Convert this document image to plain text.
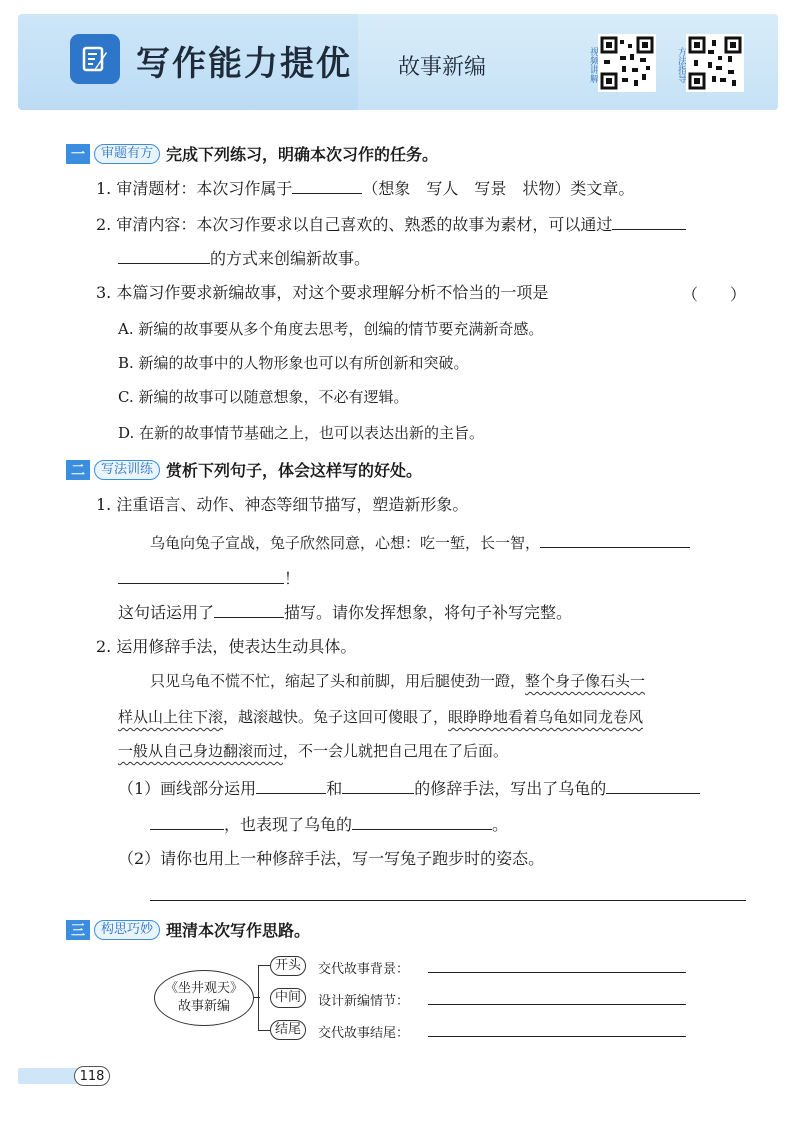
写作能力提优 故事新编	视频讲解	方法指导
一	审题有方 完成下列练习，明确本次习作的任务。
1. 审清题材：本次习作属于	（想象　写人　写景　状物）类文章。
2. 审清内容：本次习作要求以自己喜欢的、熟悉的故事为素材，可以通过
的方式来创编新故事。
3. 本篇习作要求新编故事，对这个要求理解分析不恰当的一项是	（　　）
A. 新编的故事要从多个角度去思考，创编的情节要充满新奇感。
B. 新编的故事中的人物形象也可以有所创新和突破。
C. 新编的故事可以随意想象，不必有逻辑。
D. 在新的故事情节基础之上，也可以表达出新的主旨。
二	写法训练 赏析下列句子，体会这样写的好处。
1. 注重语言、动作、神态等细节描写，塑造新形象。
乌龟向兔子宣战，兔子欣然同意，心想：吃一堑，长一智，
！
这句话运用了	描写。请你发挥想象，将句子补写完整。
2. 运用修辞手法，使表达生动具体。
只见乌龟不慌不忙，缩起了头和前脚，用后腿使劲一蹬，整个身子像石头一
样从山上往下滚，越滚越快。兔子这回可傻眼了，眼睁睁地看着乌龟如同龙卷风
一般从自己身边翻滚而过，不一会儿就把自己甩在了后面。
（1）画线部分运用	和	的修辞手法，写出了乌龟的
，也表现了乌龟的	。
（2）请你也用上一种修辞手法，写一写兔子跑步时的姿态。
三	构思巧妙 理清本次写作思路。
《坐井观天》
故事新编
开头	交代故事背景：
中间	设计新编情节：
结尾	交代故事结尾：
118
